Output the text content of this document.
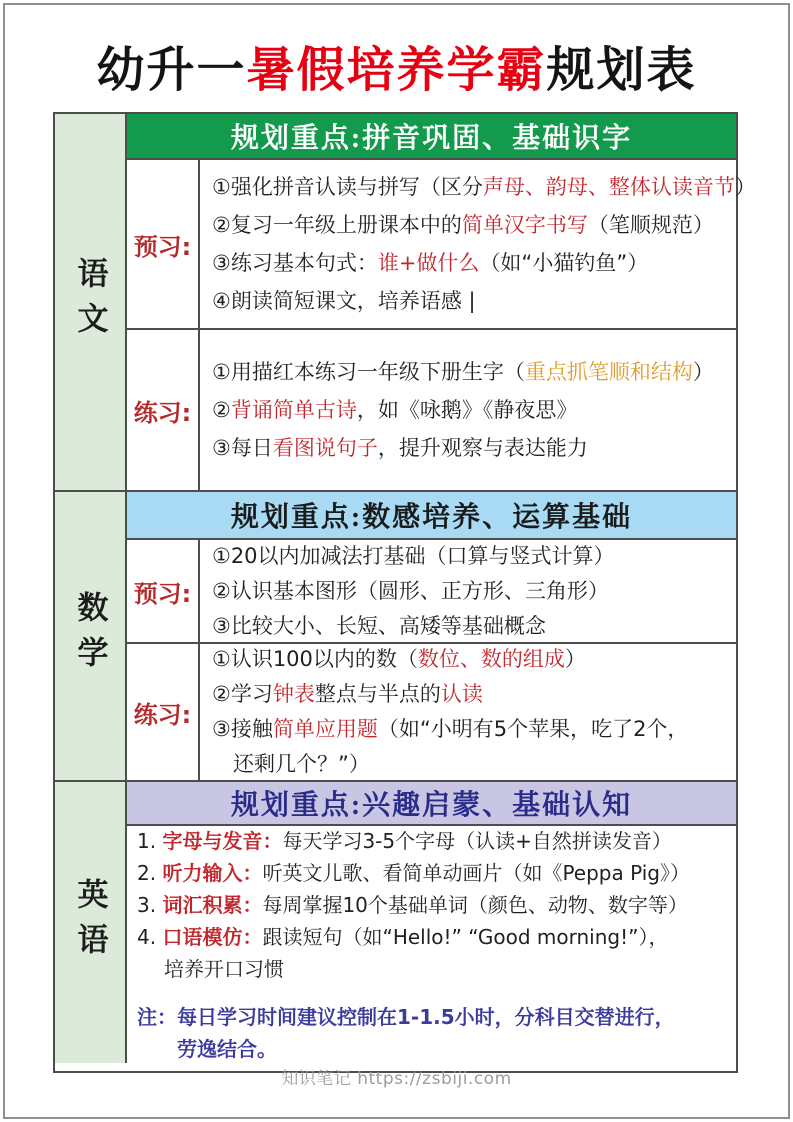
幼升一暑假培养学霸规划表
语文
规划重点:拼音巩固、基础识字
预习:
①强化拼音认读与拼写（区分声母、韵母、整体认读音节）
②复习一年级上册课本中的简单汉字书写（笔顺规范）
③练习基本句式：谁+做什么（如“小猫钓鱼”）
④朗读简短课文，培养语感 |
练习:
①用描红本练习一年级下册生字（重点抓笔顺和结构）
②背诵简单古诗，如《咏鹅》《静夜思》
③每日看图说句子，提升观察与表达能力
数学
规划重点:数感培养、运算基础
预习:
①20以内加减法打基础（口算与竖式计算）
②认识基本图形（圆形、正方形、三角形）
③比较大小、长短、高矮等基础概念
练习:
①认识100以内的数（数位、数的组成）
②学习钟表整点与半点的认读
③接触简单应用题（如“小明有5个苹果，吃了2个，
还剩几个？”）
英语
规划重点:兴趣启蒙、基础认知
1. 字母与发音：每天学习3-5个字母（认读+自然拼读发音）
2. 听力输入：听英文儿歌、看简单动画片（如《Peppa Pig》）
3. 词汇积累：每周掌握10个基础单词（颜色、动物、数字等）
4. 口语模仿：跟读短句（如“Hello!” “Good morning!”），
培养开口习惯
注：每日学习时间建议控制在1-1.5小时，分科目交替进行，
劳逸结合。
知识笔记 https://zsbiji.com
